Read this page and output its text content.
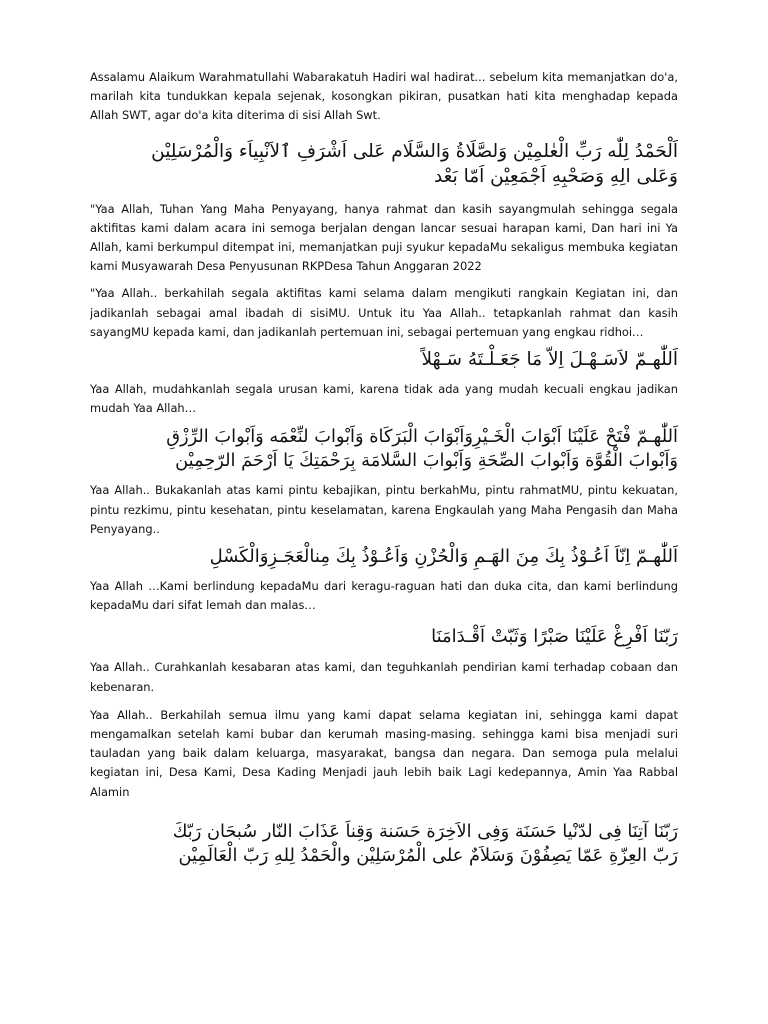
Assalamu Alaikum Warahmatullahi Wabarakatuh Hadiri wal hadirat... sebelum kita memanjatkan do'a, marilah kita tundukkan kepala sejenak, kosongkan pikiran, pusatkan hati kita menghadap kepada Allah SWT, agar do'a kita diterima di sisi Allah Swt.

اَلْحَمْدُ لِلّٰه رَبِّ الْعٰلمِيْن وَلصَّلَاةُ وَالسَّلَام عَلى اَشْرَفِ ٱلاَنْبِياَء وَالْمُرْسَلِيْن
وَعَلى الِهِ وَصَحْبِهِ اَجْمَعِيْن اَمّا بَعْد

"Yaa Allah, Tuhan Yang Maha Penyayang, hanya rahmat dan kasih sayangmulah sehingga segala aktifitas kami dalam acara ini semoga berjalan dengan lancar sesuai harapan kami, Dan hari ini Ya Allah, kami berkumpul ditempat ini, memanjatkan puji syukur kepadaMu sekaligus membuka kegiatan kami Musyawarah Desa Penyusunan RKPDesa Tahun Anggaran 2022

"Yaa Allah.. berkahilah segala aktifitas kami selama dalam mengikuti rangkain Kegiatan ini, dan jadikanlah sebagai amal ibadah di sisiMU. Untuk itu Yaa Allah.. tetapkanlah rahmat dan kasih sayangMU kepada kami, dan jadikanlah pertemuan ini, sebagai pertemuan yang engkau ridhoi…

اَللّٰهـمّ لاَسَـهْـلَ اِلاّ مَا جَعَـلْـتَهُ سَـهْلاً

Yaa Allah, mudahkanlah segala urusan kami, karena tidak ada yang mudah kecuali engkau jadikan mudah Yaa Allah…

اَللّٰهـمّ فْتَحْ عَلَيْنَا اَبْوَابَ الْخَـيْرِوَاَبْوَابَ الْبَرَكَاة وَاَبْوابَ لنِّعْمَه وَاَبْوابَ الرِّزْقِ
وَاَبْوابَ الْقُوَّة وَاَبْوابَ الصِّحَةِ وَاَبْوابَ السَّلامَة بِرَحْمَتِكَ يَا اَرْحَمَ الرّحِمِيْن

Yaa Allah.. Bukakanlah atas kami pintu kebajikan, pintu berkahMu, pintu rahmatMU, pintu kekuatan, pintu rezkimu, pintu kesehatan, pintu keselamatan, karena Engkaulah yang Maha Pengasih dan Maha Penyayang..

اَللّٰهـمّ اِنّاَ اَعُـوْذُ بِكَ مِنَ الهَـمِ وَالْحُزْنِ وَاَعُـوْذُ بِكَ مِنالْعَجَـزِوَالْكَسْلِ

Yaa Allah …Kami berlindung kepadaMu dari keragu-raguan hati dan duka cita, dan kami berlindung kepadaMu dari sifat lemah dan malas…

رَبّنَا اَفْرِغْ عَلَيْنَا صَبْرًا وَثَبّتْ اَقْـدَامَنَا

Yaa Allah.. Curahkanlah kesabaran atas kami, dan teguhkanlah pendirian kami terhadap cobaan dan kebenaran.

Yaa Allah.. Berkahilah semua ilmu yang kami dapat selama kegiatan ini, sehingga kami dapat mengamalkan setelah kami bubar dan kerumah masing-masing. sehingga kami bisa menjadi suri tauladan yang baik dalam keluarga, masyarakat, bangsa dan negara. Dan semoga pula melalui kegiatan ini, Desa Kami, Desa Kading Menjadi jauh lebih baik Lagi kedepannya, Amin Yaa Rabbal Alamin

رَبّنَا آتِنَا فِى لدّنْيا حَسَنَة وَفِى الاَخِرَة حَسَنة وَقِناَ عَذَابَ النّار سُبحَان رَبّكَ
رَبّ العِزّةِ عَمّا يَصِفُوْنَ وَسَلاَمٌ على الْمُرْسَلِيْن والْحَمْدُ لِلهِ رَبّ الْعَالَمِيْن
